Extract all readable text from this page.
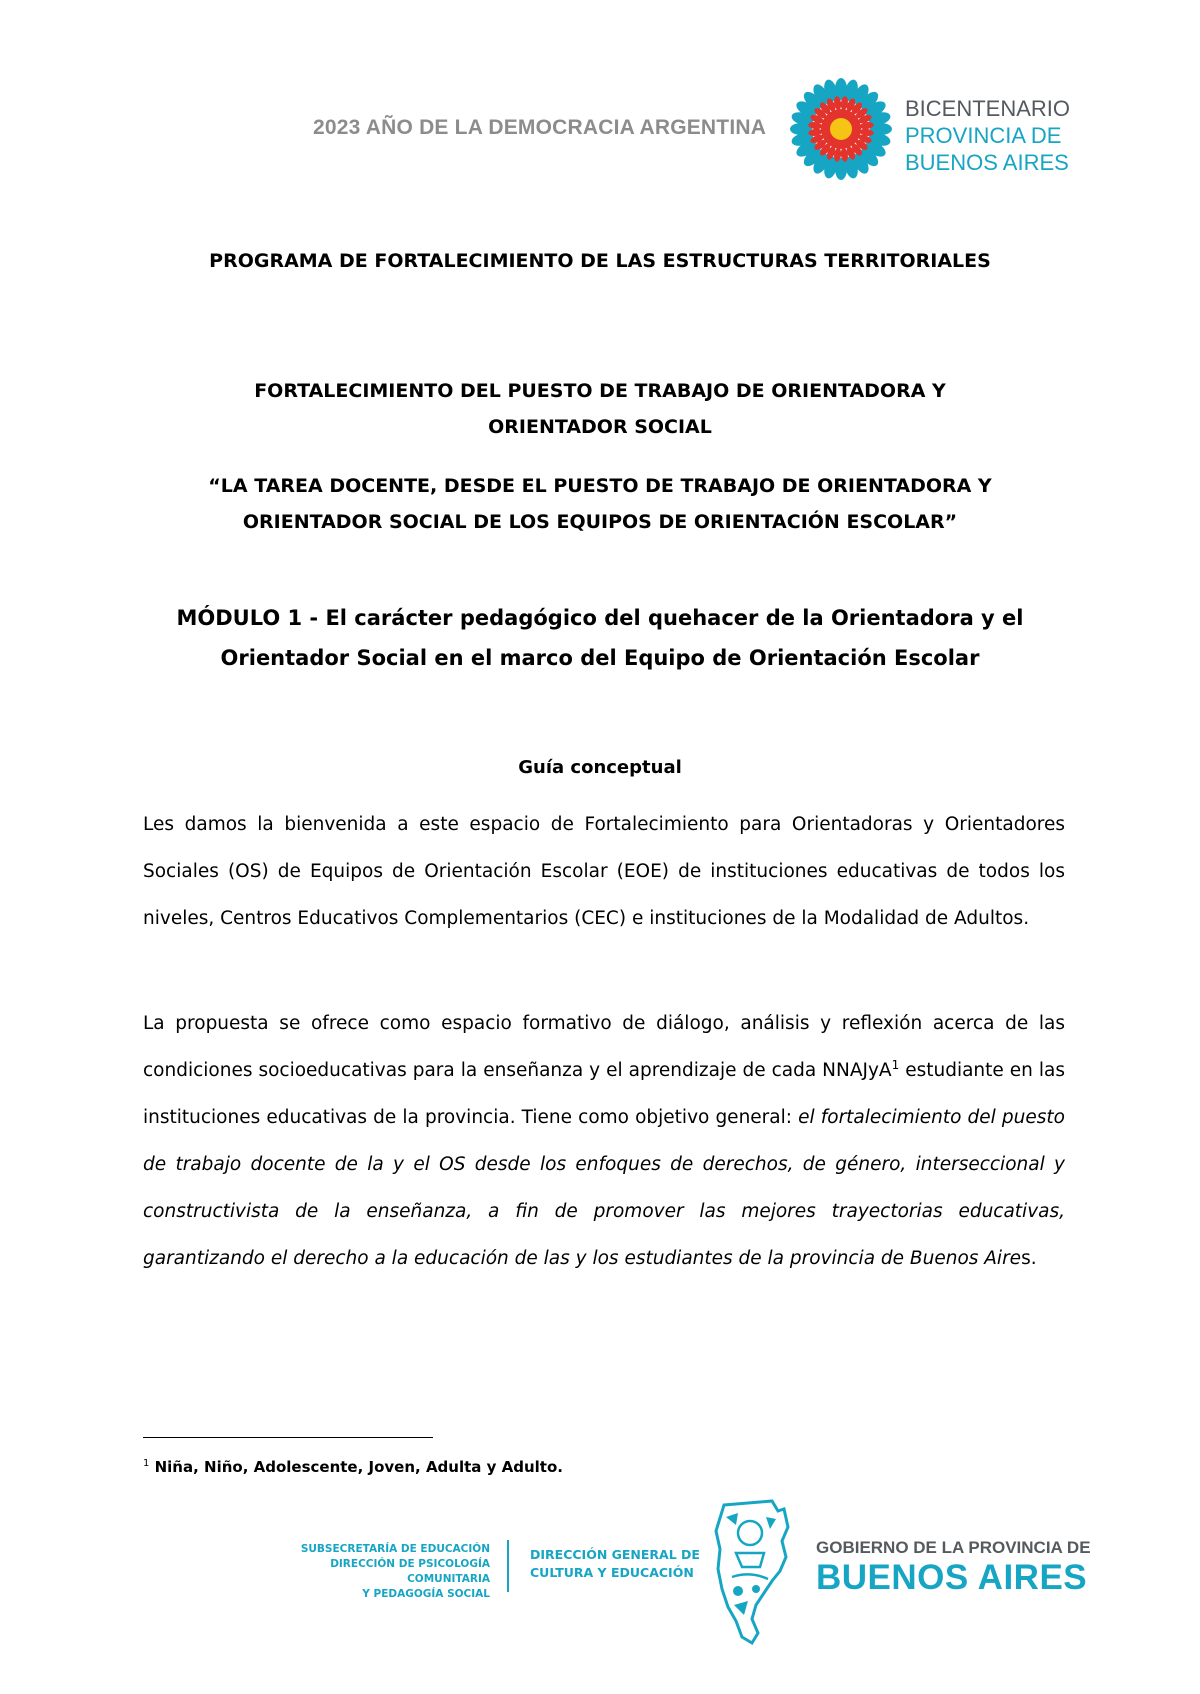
2023 AÑO DE LA DEMOCRACIA ARGENTINA
BICENTENARIO
PROVINCIA DE
BUENOS AIRES
PROGRAMA DE FORTALECIMIENTO DE LAS ESTRUCTURAS TERRITORIALES
FORTALECIMIENTO DEL PUESTO DE TRABAJO DE ORIENTADORA Y
ORIENTADOR SOCIAL
“LA TAREA DOCENTE, DESDE EL PUESTO DE TRABAJO DE ORIENTADORA Y
ORIENTADOR SOCIAL DE LOS EQUIPOS DE ORIENTACIÓN ESCOLAR”
MÓDULO 1 - El carácter pedagógico del quehacer de la Orientadora y el
Orientador Social en el marco del Equipo de Orientación Escolar
Guía conceptual
Les damos la bienvenida a este espacio de Fortalecimiento para Orientadoras y Orientadores Sociales (OS) de Equipos de Orientación Escolar (EOE) de instituciones educativas de todos los niveles, Centros Educativos Complementarios (CEC) e instituciones de la Modalidad de Adultos.
La propuesta se ofrece como espacio formativo de diálogo, análisis y reflexión acerca de las condiciones socioeducativas para la enseñanza y el aprendizaje de cada NNAJyA$^1$ estudiante en las instituciones educativas de la provincia. Tiene como objetivo general: el fortalecimiento del puesto de trabajo docente de la y el OS desde los enfoques de derechos, de género, interseccional y constructivista de la enseñanza, a fin de promover las mejores trayectorias educativas, garantizando el derecho a la educación de las y los estudiantes de la provincia de Buenos Aires.
$^1$ Niña, Niño, Adolescente, Joven, Adulta y Adulto.
SUBSECRETARÍA DE EDUCACIÓN
DIRECCIÓN DE PSICOLOGÍA COMUNITARIA
Y PEDAGOGÍA SOCIAL
DIRECCIÓN GENERAL DE
CULTURA Y EDUCACIÓN
GOBIERNO DE LA PROVINCIA DE
BUENOS AIRES
